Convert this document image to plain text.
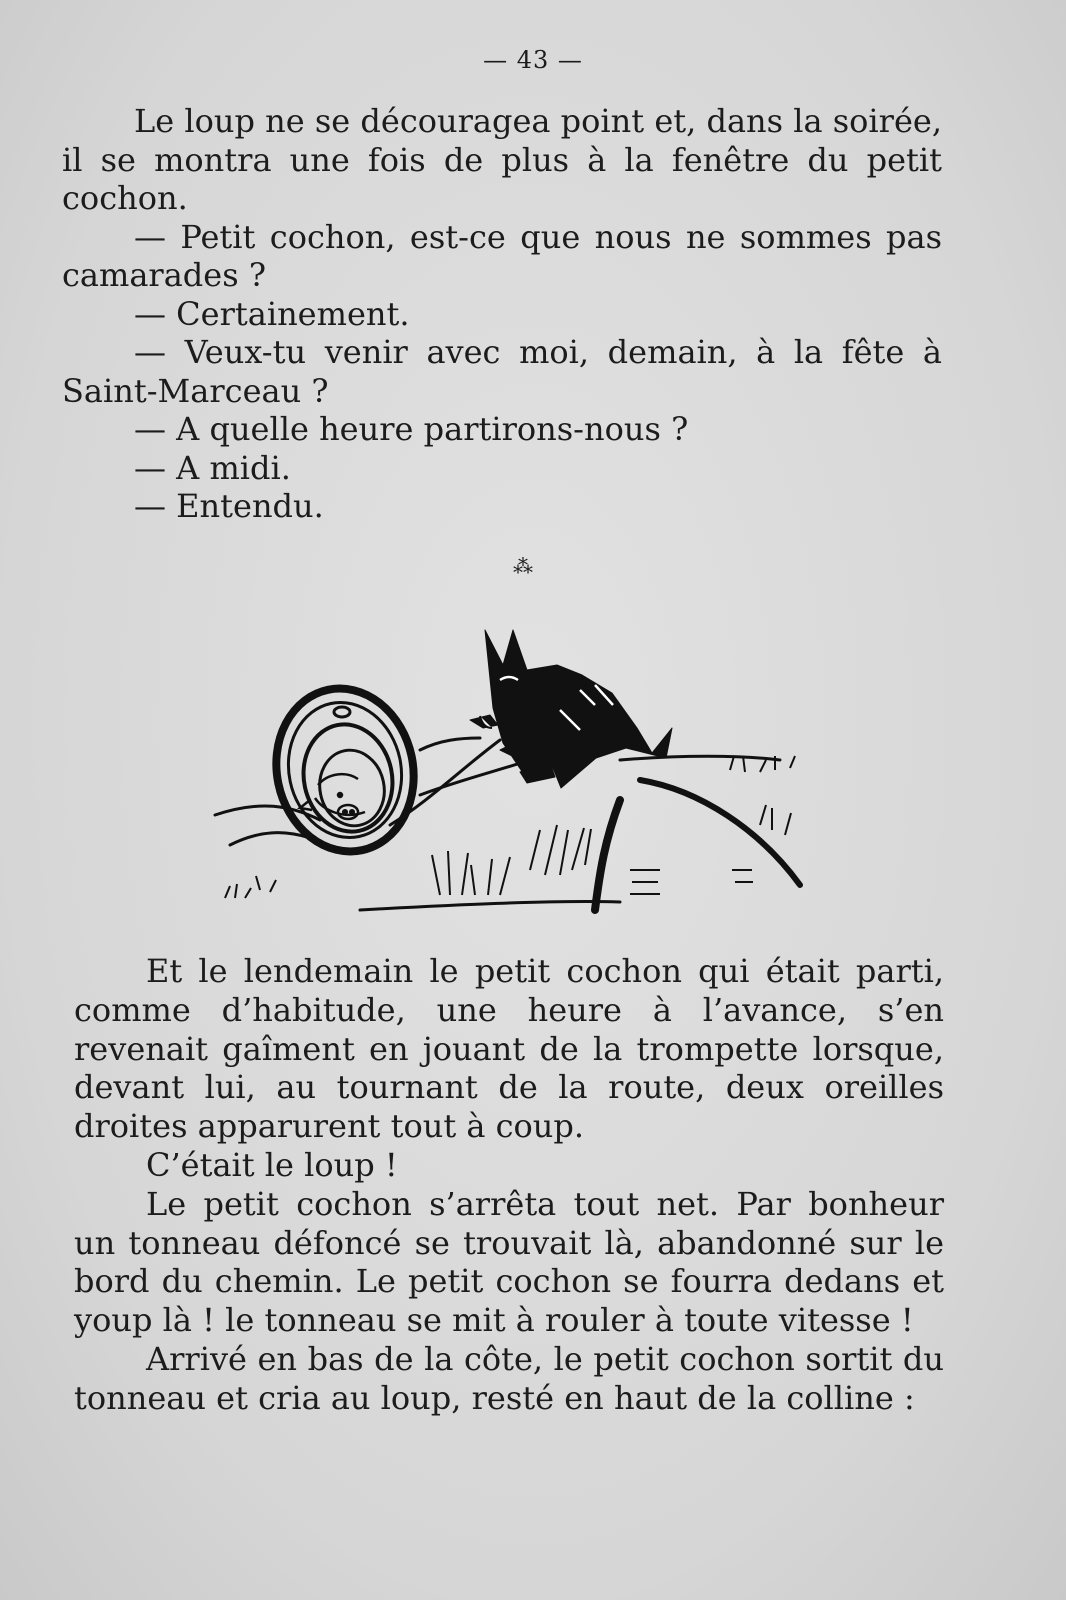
— 43 —

Le loup ne se découragea point et, dans la soirée, il se montra une fois de plus à la fenêtre du petit cochon.

— Petit cochon, est-ce que nous ne sommes pas camarades ?

— Certainement.

— Veux-tu venir avec moi, demain, à la fête à Saint-Marceau ?

— A quelle heure partirons-nous ?

— A midi.

— Entendu.

⁂

Et le lendemain le petit cochon qui était parti, comme d’habitude, une heure à l’avance, s’en revenait gaîment en jouant de la trompette lorsque, devant lui, au tournant de la route, deux oreilles droites apparurent tout à coup.

C’était le loup !

Le petit cochon s’arrêta tout net. Par bonheur un tonneau défoncé se trouvait là, abandonné sur le bord du chemin. Le petit cochon se fourra dedans et youp là ! le tonneau se mit à rouler à toute vitesse !

Arrivé en bas de la côte, le petit cochon sortit du tonneau et cria au loup, resté en haut de la colline :
